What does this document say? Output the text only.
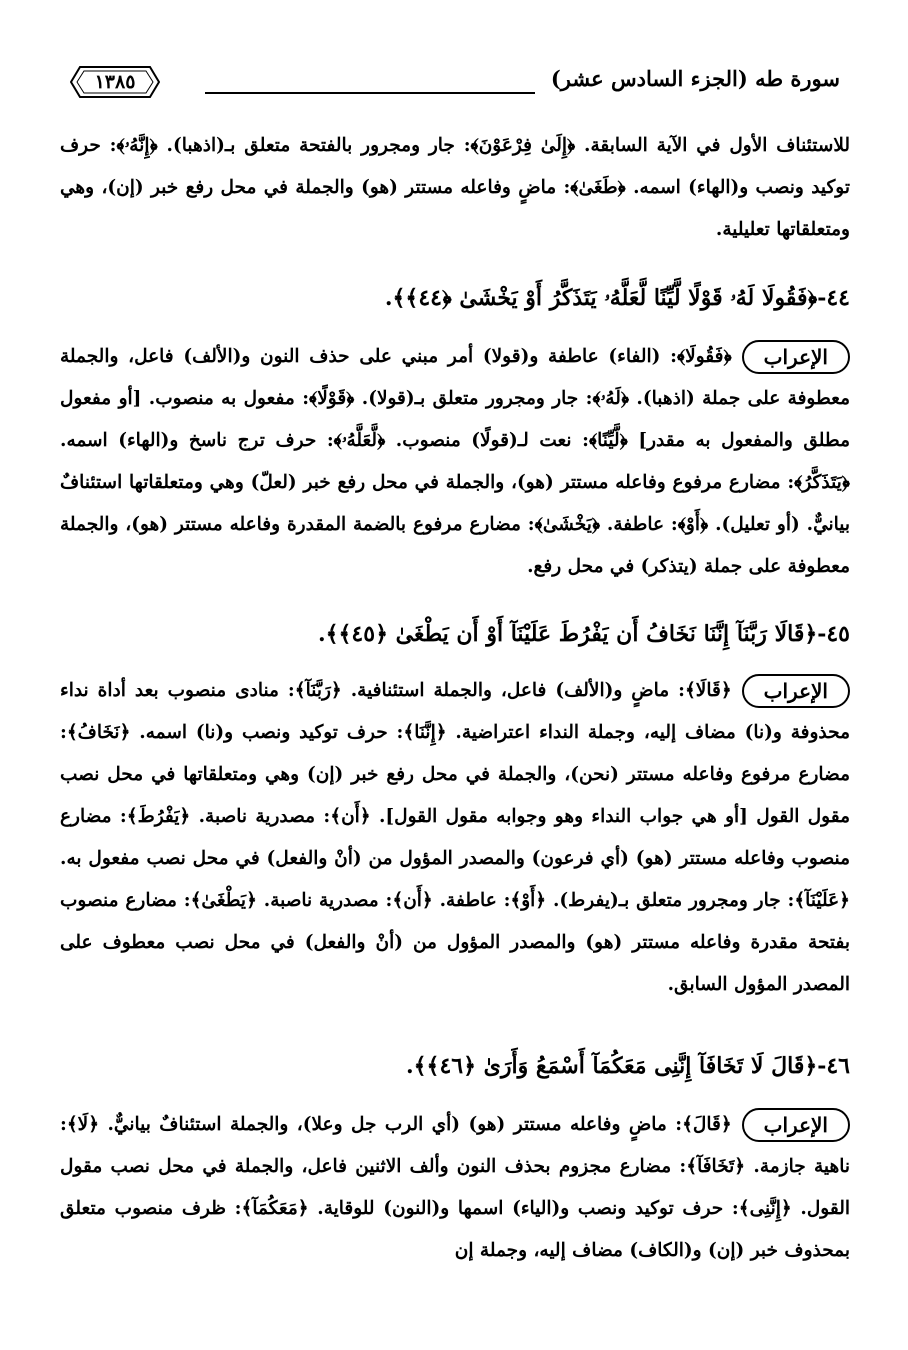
سورة طه (الجزء السادس عشر)
١٣٨٥
للاستئناف الأول في الآية السابقة. ﴿إِلَىٰ فِرْعَوْنَ﴾: جار ومجرور بالفتحة متعلق بـ(اذهبا). ﴿إِنَّهُۥ﴾: حرف توكيد ونصب و(الهاء) اسمه. ﴿طَغَىٰ﴾: ماضٍ وفاعله مستتر (هو) والجملة في محل رفع خبر (إن)، وهي ومتعلقاتها تعليلية.
٤٤-﴿فَقُولَا لَهُۥ قَوْلًا لَّيِّنًا لَّعَلَّهُۥ يَتَذَكَّرُ أَوْ يَخْشَىٰ ﴿٤٤﴾﴾.
الإعراب﴿فَقُولَا﴾: (الفاء) عاطفة و(قولا) أمر مبني على حذف النون و(الألف) فاعل، والجملة معطوفة على جملة (اذهبا). ﴿لَهُۥ﴾: جار ومجرور متعلق بـ(قولا). ﴿قَوْلًا﴾: مفعول به منصوب. [أو مفعول مطلق والمفعول به مقدر] ﴿لَّيِّنًا﴾: نعت لـ(قولًا) منصوب. ﴿لَّعَلَّهُۥ﴾: حرف ترج ناسخ و(الهاء) اسمه. ﴿يَتَذَكَّرُ﴾: مضارع مرفوع وفاعله مستتر (هو)، والجملة في محل رفع خبر (لعلّ) وهي ومتعلقاتها استئنافٌ بيانيٌّ. (أو تعليل). ﴿أَوْ﴾: عاطفة. ﴿يَخْشَىٰ﴾: مضارع مرفوع بالضمة المقدرة وفاعله مستتر (هو)، والجملة معطوفة على جملة (يتذكر) في محل رفع.
٤٥-﴿قَالَا رَبَّنَآ إِنَّنَا نَخَافُ أَن يَفْرُطَ عَلَيْنَآ أَوْ أَن يَطْغَىٰ ﴿٤٥﴾﴾.
الإعراب﴿قَالَا﴾: ماضٍ و(الألف) فاعل، والجملة استئنافية. ﴿رَبَّنَآ﴾: منادى منصوب بعد أداة نداء محذوفة و(نا) مضاف إليه، وجملة النداء اعتراضية. ﴿إِنَّنَا﴾: حرف توكيد ونصب و(نا) اسمه. ﴿نَخَافُ﴾: مضارع مرفوع وفاعله مستتر (نحن)، والجملة في محل رفع خبر (إن) وهي ومتعلقاتها في محل نصب مقول القول [أو هي جواب النداء وهو وجوابه مقول القول]. ﴿أَن﴾: مصدرية ناصبة. ﴿يَفْرُطَ﴾: مضارع منصوب وفاعله مستتر (هو) (أي فرعون) والمصدر المؤول من (أنْ والفعل) في محل نصب مفعول به. ﴿عَلَيْنَآ﴾: جار ومجرور متعلق بـ(يفرط). ﴿أَوْ﴾: عاطفة. ﴿أَن﴾: مصدرية ناصبة. ﴿يَطْغَىٰ﴾: مضارع منصوب بفتحة مقدرة وفاعله مستتر (هو) والمصدر المؤول من (أنْ والفعل) في محل نصب معطوف على المصدر المؤول السابق.
٤٦-﴿قَالَ لَا تَخَافَآ إِنَّنِى مَعَكُمَآ أَسْمَعُ وَأَرَىٰ ﴿٤٦﴾﴾.
الإعراب﴿قَالَ﴾: ماضٍ وفاعله مستتر (هو) (أي الرب جل وعلا)، والجملة استئنافٌ بيانيٌّ. ﴿لَا﴾: ناهية جازمة. ﴿تَخَافَآ﴾: مضارع مجزوم بحذف النون وألف الاثنين فاعل، والجملة في محل نصب مقول القول. ﴿إِنَّنِى﴾: حرف توكيد ونصب و(الياء) اسمها و(النون) للوقاية. ﴿مَعَكُمَآ﴾: ظرف منصوب متعلق بمحذوف خبر (إن) و(الكاف) مضاف إليه، وجملة إن
